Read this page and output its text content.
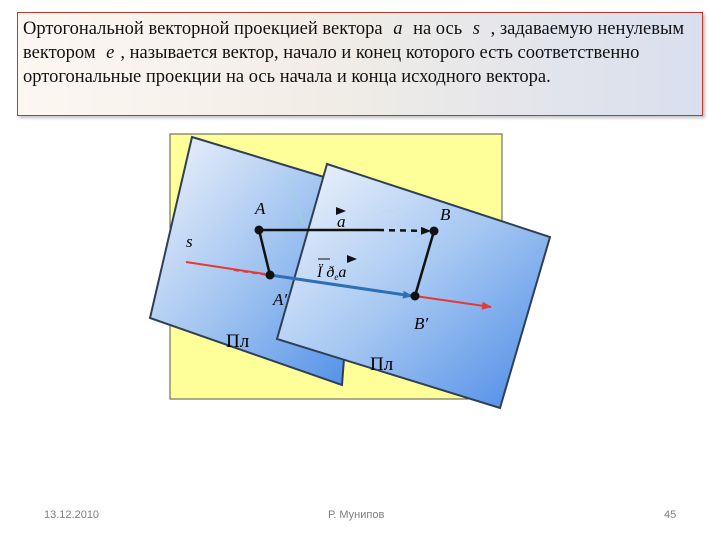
Ортогональной векторной проекцией вектора a на ось s , задаваемую ненулевым вектором e , называется вектор, начало и конец которого есть соответственно ортогональные проекции на ось начала и конца исходного вектора.
A	B
A′
B′
s
a
Ї ðea
Пл
Пл
13.12.2010	Р. Мунипов	45
